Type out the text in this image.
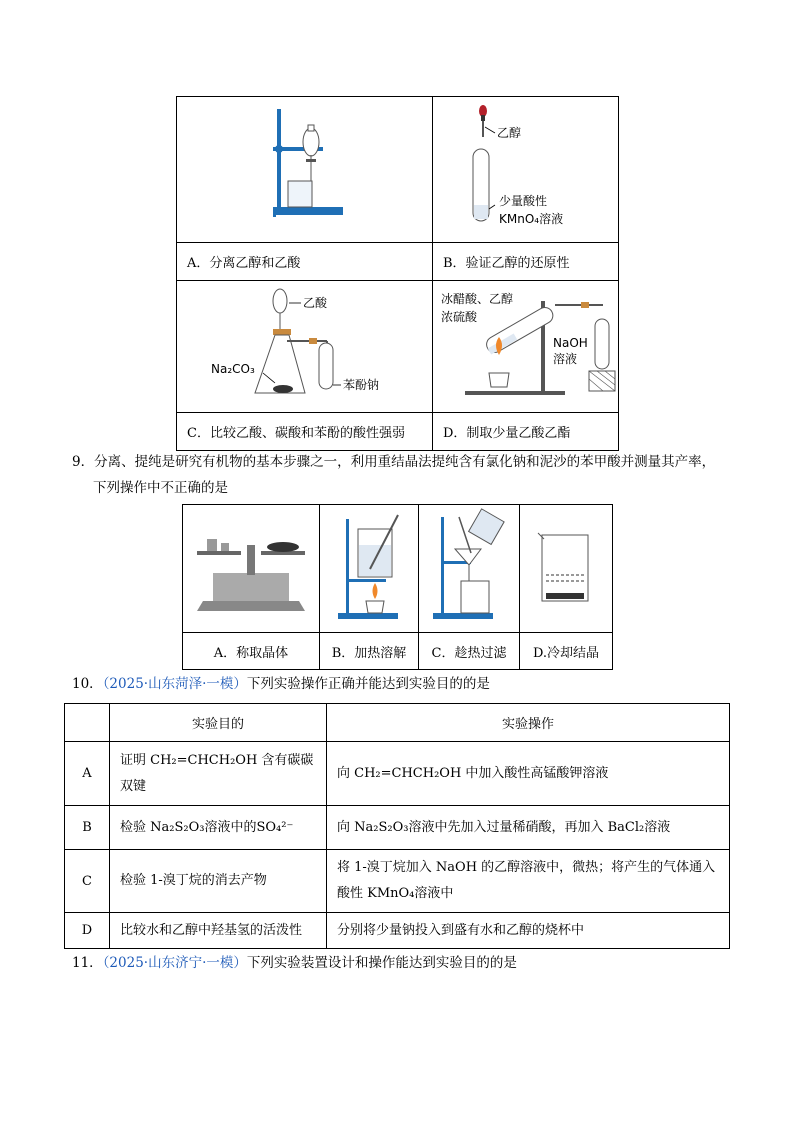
乙醇
少量酸性
KMnO₄溶液

A．分离乙醇和乙酸	B．验证乙醇的还原性

乙酸
Na₂CO₃
苯酚钠	冰醋酸、乙醇
浓硫酸
NaOH
溶液

C．比较乙酸、碳酸和苯酚的酸性强弱	D．制取少量乙酸乙酯
9．分离、提纯是研究有机物的基本步骤之一，利用重结晶法提纯含有氯化钠和泥沙的苯甲酸并测量其产率，
下列操作中不正确的是

A．称取晶体	B．加热溶解	C．趁热过滤	D.冷却结晶
10．（2025·山东菏泽·一模）下列实验操作正确并能达到实验目的的是
	实验目的	实验操作
A	证明 CH₂=CHCH₂OH 含有碳碳双键	向 CH₂=CHCH₂OH 中加入酸性高锰酸钾溶液
B	检验 Na₂S₂O₃溶液中的SO₄²⁻	向 Na₂S₂O₃溶液中先加入过量稀硝酸，再加入 BaCl₂溶液
C	检验 1-溴丁烷的消去产物	将 1-溴丁烷加入 NaOH 的乙醇溶液中，微热；将产生的气体通入酸性 KMnO₄溶液中
D	比较水和乙醇中羟基氢的活泼性	分别将少量钠投入到盛有水和乙醇的烧杯中
11．（2025·山东济宁·一模）下列实验装置设计和操作能达到实验目的的是
